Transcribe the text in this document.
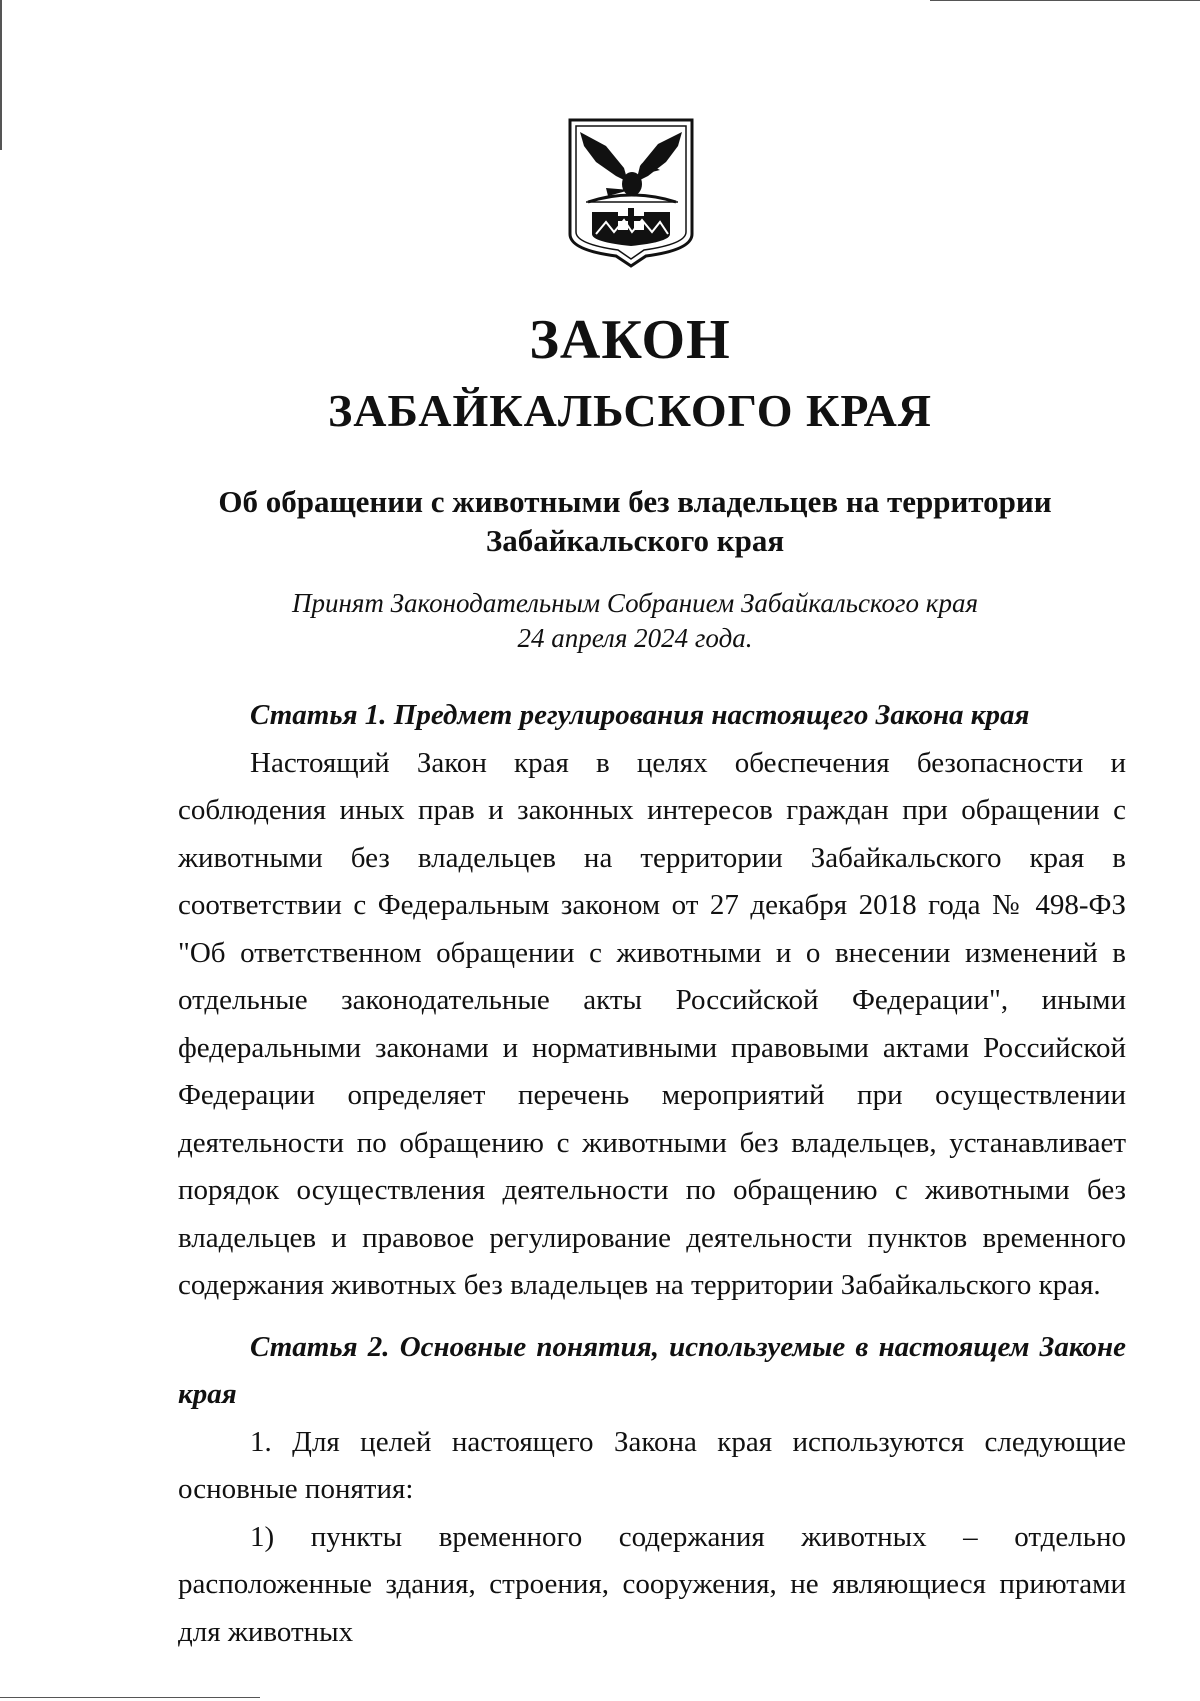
ЗАКОН
ЗАБАЙКАЛЬСКОГО КРАЯ
Об обращении с животными без владельцев на территории
Забайкальского края
Принят Законодательным Собранием Забайкальского края
24 апреля 2024 года.

Статья 1. Предмет регулирования настоящего Закона края

Настоящий Закон края в целях обеспечения безопасности и соблюдения иных прав и законных интересов граждан при обращении с животными без владельцев на территории Забайкальского края в соответствии с Федеральным законом от 27 декабря 2018 года № 498-ФЗ "Об ответственном обращении с животными и о внесении изменений в отдельные законодательные акты Российской Федерации", иными федеральными законами и нормативными правовыми актами Российской Федерации определяет перечень мероприятий при осуществлении деятельности по обращению с животными без владельцев, устанавливает порядок осуществления деятельности по обращению с животными без владельцев и правовое регулирование деятельности пунктов временного содержания животных без владельцев на территории Забайкальского края.

Статья 2. Основные понятия, используемые в настоящем Законе края

1. Для целей настоящего Закона края используются следующие основные понятия:

1) пункты временного содержания животных – отдельно расположенные здания, строения, сооружения, не являющиеся приютами для животных
